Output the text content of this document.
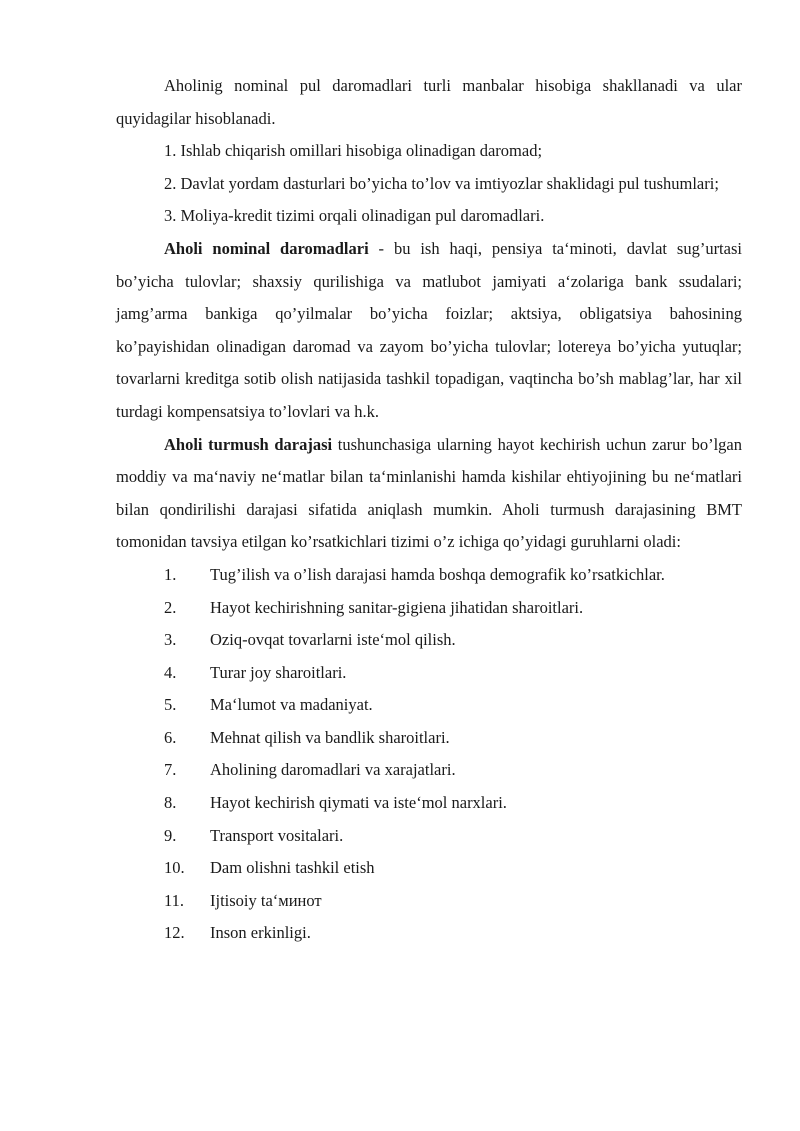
Aholinig nominal pul daromadlari turli manbalar hisobiga shakllanadi va ular quyidagilar hisoblanadi.

1. Ishlab chiqarish omillari hisobiga olinadigan daromad;

2. Davlat yordam dasturlari bo’yicha to’lov va imtiyozlar shaklidagi pul tushumlari;

3. Moliya-kredit tizimi orqali olinadigan pul daromadlari.

Aholi nominal daromadlari - bu ish haqi, pensiya ta‘minoti, davlat sug’urtasi bo’yicha tulovlar; shaxsiy qurilishiga va matlubot jamiyati a‘zolariga bank ssudalari; jamg’arma bankiga qo’yilmalar bo’yicha foizlar; aktsiya, obligatsiya bahosining ko’payishidan olinadigan daromad va zayom bo’yicha tulovlar; lotereya bo’yicha yutuqlar; tovarlarni kreditga sotib olish natijasida tashkil topadigan, vaqtincha bo’sh mablag’lar, har xil turdagi kompensatsiya to’lovlari va h.k.

Aholi turmush darajasi tushunchasiga ularning hayot kechirish uchun zarur bo’lgan moddiy va ma‘naviy ne‘matlar bilan ta‘minlanishi hamda kishilar ehtiyojining bu ne‘matlari bilan qondirilishi darajasi sifatida aniqlash mumkin. Aholi turmush darajasining BMT tomonidan tavsiya etilgan ko’rsatkichlari tizimi o’z ichiga qo’yidagi guruhlarni oladi:

1.	Tug’ilish va o’lish darajasi hamda boshqa demografik ko’rsatkichlar.
2.	Hayot kechirishning sanitar-gigiena jihatidan sharoitlari.
3.	Oziq-ovqat tovarlarni iste‘mol qilish.
4.	Turar joy sharoitlari.
5.	Ma‘lumot va madaniyat.
6.	Mehnat qilish va bandlik sharoitlari.
7.	Aholining daromadlari va xarajatlari.
8.	Hayot kechirish qiymati va iste‘mol narxlari.
9.	Transport vositalari.
10.	Dam olishni tashkil etish
11.	Ijtisoiy ta‘минот
12.	Inson erkinligi.
